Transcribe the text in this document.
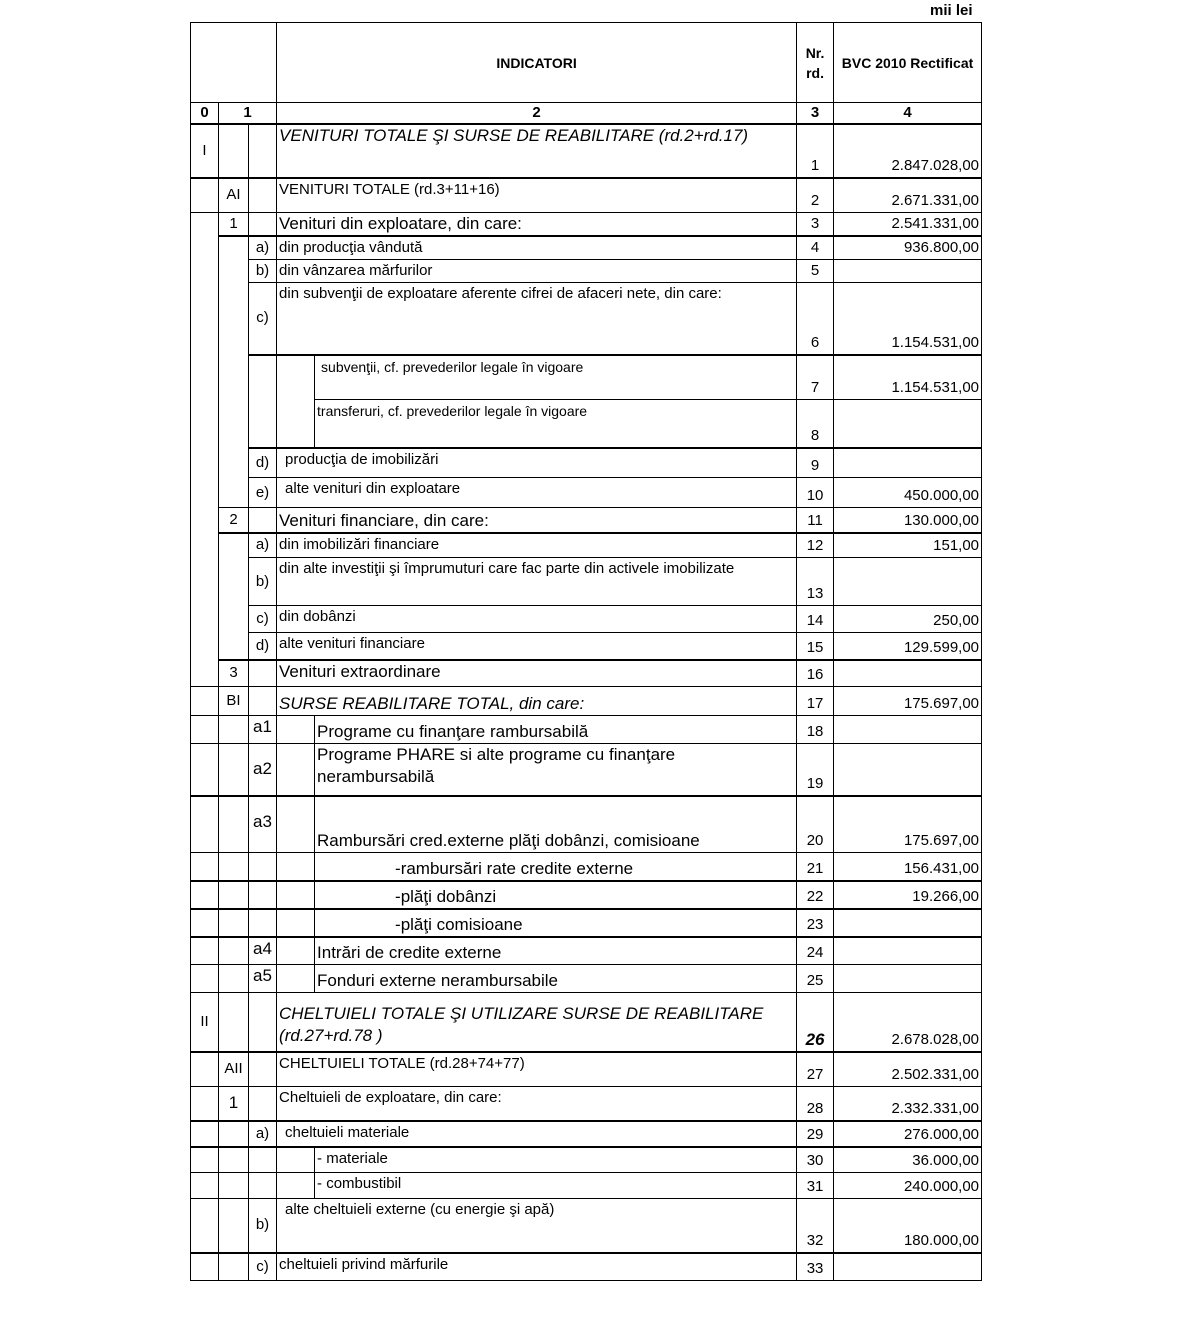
mii lei
			INDICATORI		Nr. rd.	BVC 2010 Rectificat
0	1		2		3	4
I			VENITURI TOTALE ŞI SURSE DE REABILITARE (rd.2+rd.17)		1	2.847.028,00
	AI		VENITURI TOTALE (rd.3+11+16)		2	2.671.331,00
	1		Venituri din exploatare, din care:		3	2.541.331,00
		a)	din producţia vândută		4	936.800,00
		b)	din vânzarea mărfurilor		5	
		c)	din subvenţii de exploatare aferente cifrei de afaceri nete, din care:		6	1.154.531,00
				subvenţii, cf. prevederilor legale în vigoare	7	1.154.531,00
				transferuri, cf. prevederilor legale în vigoare	8	
		d)	producţia de imobilizări		9	
		e)	alte venituri din exploatare		10	450.000,00
	2		Venituri financiare, din care:		11	130.000,00
		a)	din imobilizări financiare		12	151,00
		b)	din alte investiţii şi împrumuturi care fac parte din activele imobilizate		13	
		c)	din dobânzi		14	250,00
		d)	alte venituri financiare		15	129.599,00
	3		Venituri extraordinare		16	
	BI		SURSE REABILITARE TOTAL, din care:		17	175.697,00
		a1		Programe cu finanţare rambursabilă	18	
		a2		Programe PHARE si alte programe cu finanţare nerambursabilă	19	
		a3		Rambursări cred.externe plăţi dobânzi, comisioane	20	175.697,00
				-rambursări rate credite externe	21	156.431,00
				-plăţi dobânzi	22	19.266,00
				-plăţi comisioane	23	
		a4		Intrări de credite externe	24	
		a5		Fonduri externe nerambursabile	25	
II			CHELTUIELI TOTALE ŞI UTILIZARE SURSE DE REABILITARE (rd.27+rd.78 )		26	2.678.028,00
	AII		CHELTUIELI TOTALE (rd.28+74+77)		27	2.502.331,00
	1		Cheltuieli de exploatare, din care:		28	2.332.331,00
		a)	cheltuieli materiale		29	276.000,00
				- materiale	30	36.000,00
				- combustibil	31	240.000,00
		b)	alte cheltuieli externe (cu energie şi apă)		32	180.000,00
		c)	cheltuieli privind mărfurile		33	
